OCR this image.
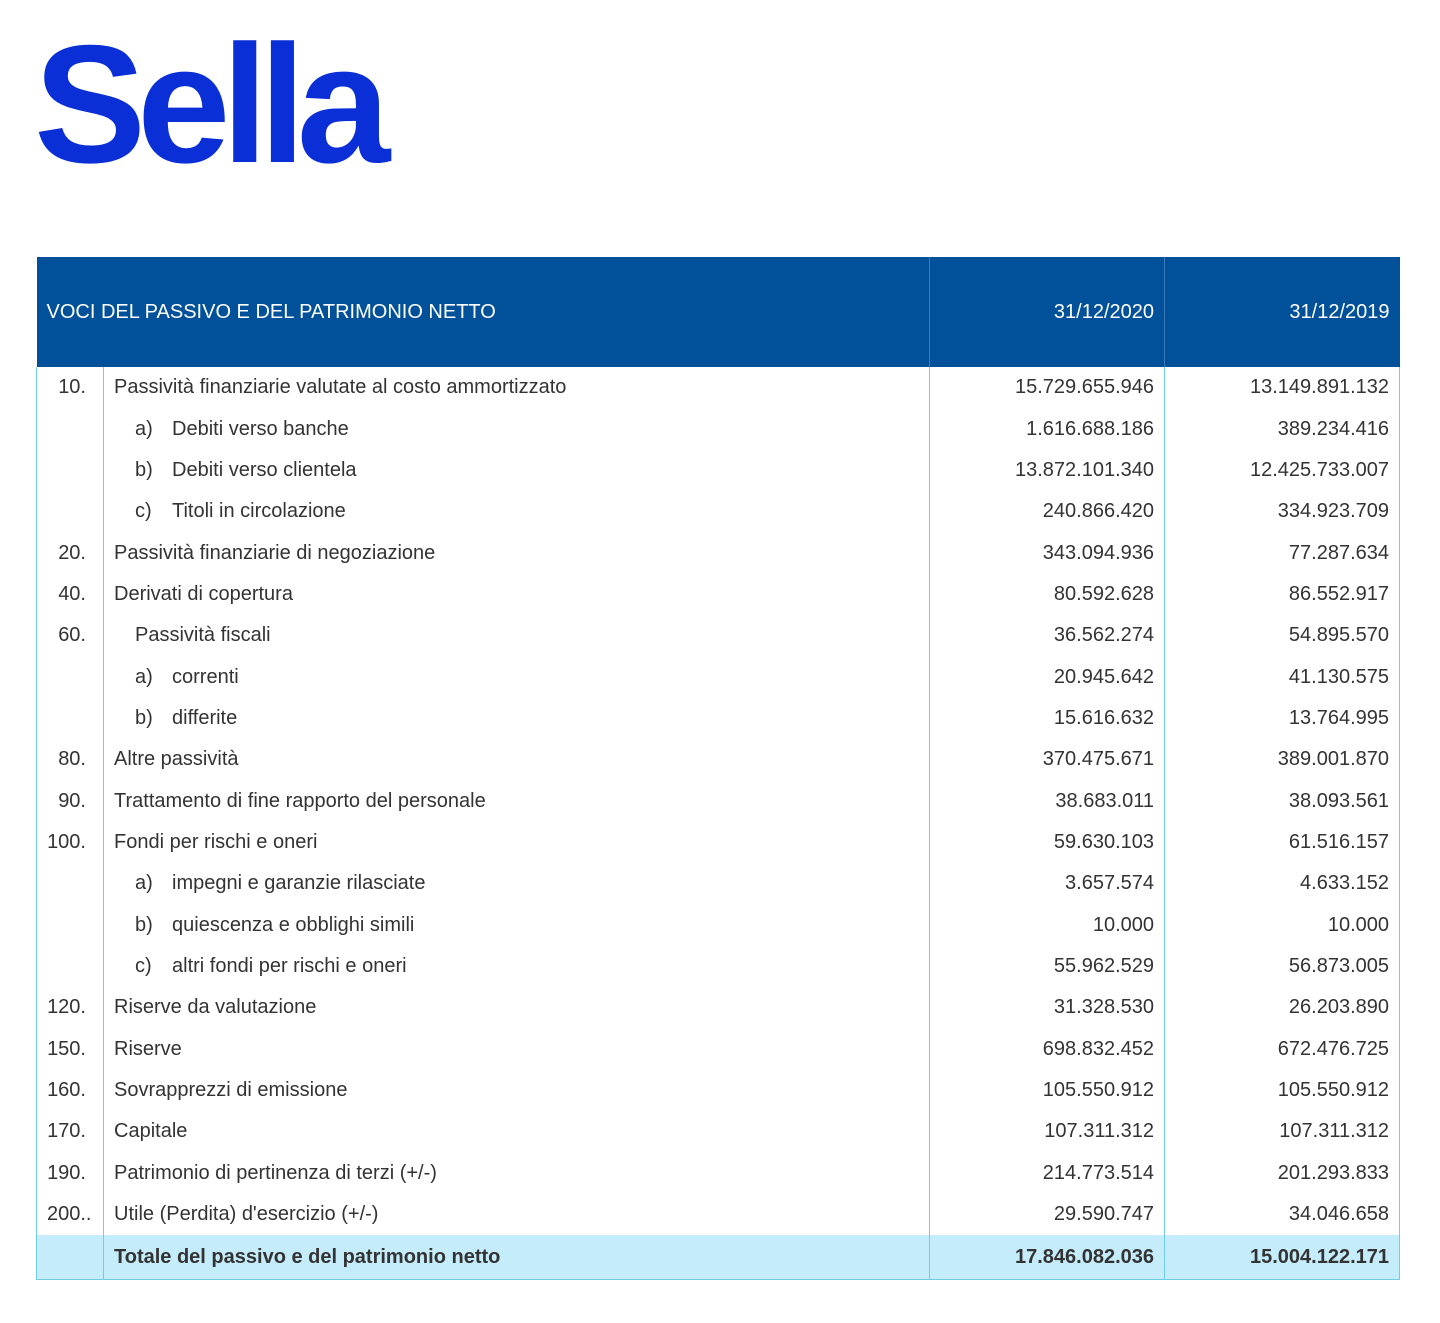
Sella
VOCI DEL PASSIVO E DEL PATRIMONIO NETTO		31/12/2020	31/12/2019
10.	Passività finanziarie valutate al costo ammortizzato	15.729.655.946	13.149.891.132
	a) Debiti verso banche	1.616.688.186	389.234.416
	b) Debiti verso clientela	13.872.101.340	12.425.733.007
	c) Titoli in circolazione	240.866.420	334.923.709
20.	Passività finanziarie di negoziazione	343.094.936	77.287.634
40.	Derivati di copertura	80.592.628	86.552.917
60.	Passività fiscali	36.562.274	54.895.570
	a) correnti	20.945.642	41.130.575
	b) differite	15.616.632	13.764.995
80.	Altre passività	370.475.671	389.001.870
90.	Trattamento di fine rapporto del personale	38.683.011	38.093.561
100.	Fondi per rischi e oneri	59.630.103	61.516.157
	a) impegni e garanzie rilasciate	3.657.574	4.633.152
	b) quiescenza e obblighi simili	10.000	10.000
	c) altri fondi per rischi e oneri	55.962.529	56.873.005
120.	Riserve da valutazione	31.328.530	26.203.890
150.	Riserve	698.832.452	672.476.725
160.	Sovrapprezzi di emissione	105.550.912	105.550.912
170.	Capitale	107.311.312	107.311.312
190.	Patrimonio di pertinenza di terzi (+/-)	214.773.514	201.293.833
200..	Utile (Perdita) d'esercizio (+/-)	29.590.747	34.046.658
	Totale del passivo e del patrimonio netto	17.846.082.036	15.004.122.171
